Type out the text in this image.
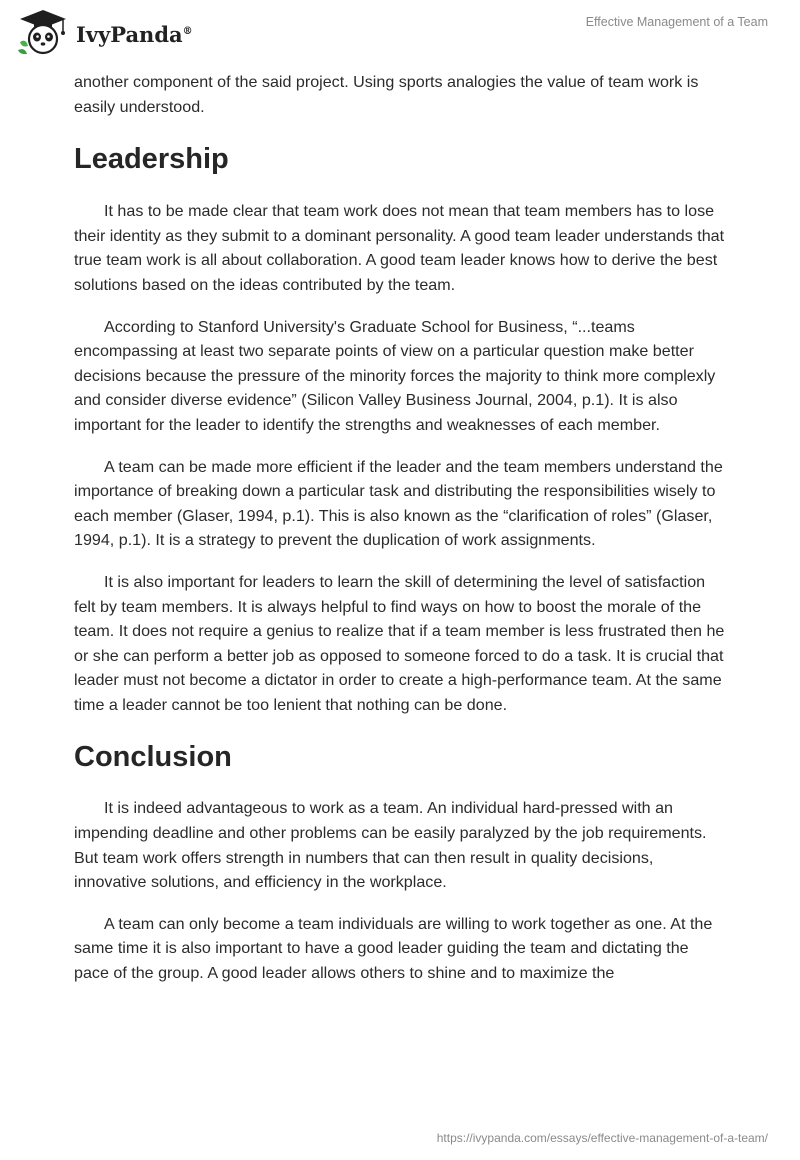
IvyPanda®
Effective Management of a Team

another component of the said project. Using sports analogies the value of team work is easily understood.

Leadership

It has to be made clear that team work does not mean that team members has to lose their identity as they submit to a dominant personality. A good team leader understands that true team work is all about collaboration. A good team leader knows how to derive the best solutions based on the ideas contributed by the team.

According to Stanford University's Graduate School for Business, “...teams encompassing at least two separate points of view on a particular question make better decisions because the pressure of the minority forces the majority to think more complexly and consider diverse evidence” (Silicon Valley Business Journal, 2004, p.1). It is also important for the leader to identify the strengths and weaknesses of each member.

A team can be made more efficient if the leader and the team members understand the importance of breaking down a particular task and distributing the responsibilities wisely to each member (Glaser, 1994, p.1). This is also known as the “clarification of roles” (Glaser, 1994, p.1). It is a strategy to prevent the duplication of work assignments.

It is also important for leaders to learn the skill of determining the level of satisfaction felt by team members. It is always helpful to find ways on how to boost the morale of the team. It does not require a genius to realize that if a team member is less frustrated then he or she can perform a better job as opposed to someone forced to do a task. It is crucial that leader must not become a dictator in order to create a high-performance team. At the same time a leader cannot be too lenient that nothing can be done.

Conclusion

It is indeed advantageous to work as a team. An individual hard-pressed with an impending deadline and other problems can be easily paralyzed by the job requirements. But team work offers strength in numbers that can then result in quality decisions, innovative solutions, and efficiency in the workplace.

A team can only become a team individuals are willing to work together as one. At the same time it is also important to have a good leader guiding the team and dictating the pace of the group. A good leader allows others to shine and to maximize the

https://ivypanda.com/essays/effective-management-of-a-team/
